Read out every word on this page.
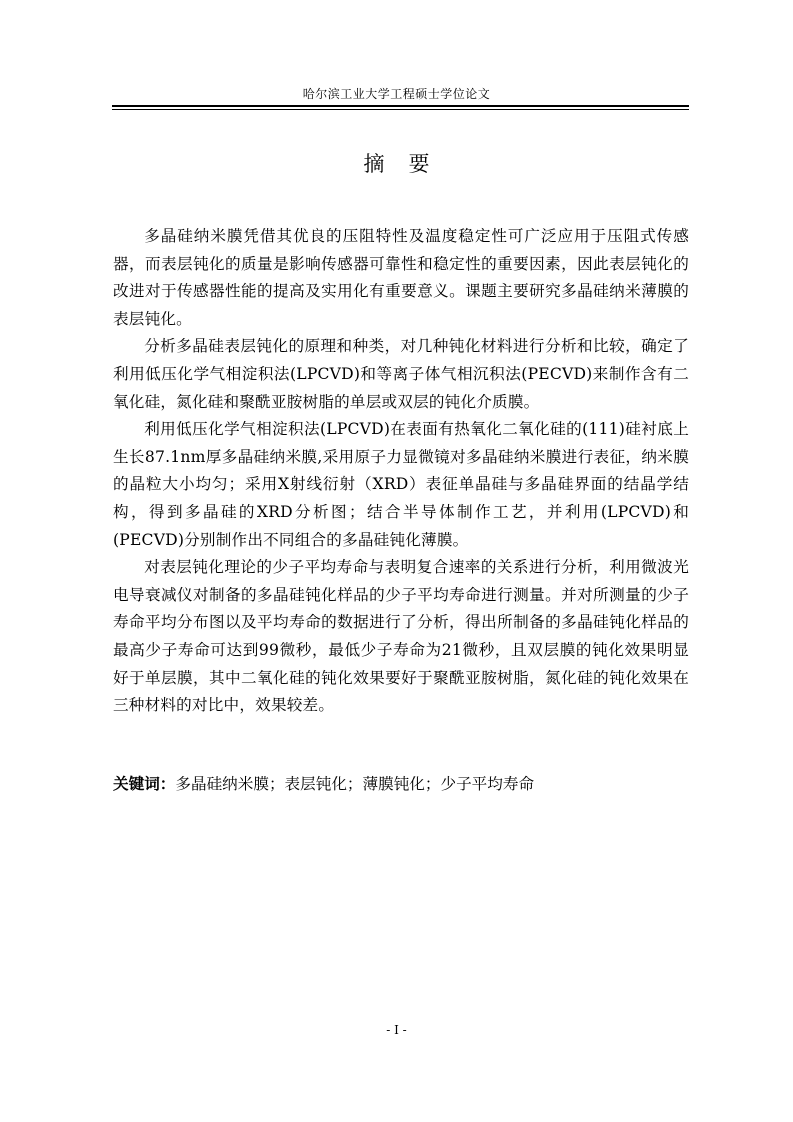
哈尔滨工业大学工程硕士学位论文
摘要

多晶硅纳米膜凭借其优良的压阻特性及温度稳定性可广泛应用于压阻式传感器，而表层钝化的质量是影响传感器可靠性和稳定性的重要因素，因此表层钝化的改进对于传感器性能的提高及实用化有重要意义。课题主要研究多晶硅纳米薄膜的表层钝化。

分析多晶硅表层钝化的原理和种类，对几种钝化材料进行分析和比较，确定了利用低压化学气相淀积法(LPCVD)和等离子体气相沉积法(PECVD)来制作含有二氧化硅，氮化硅和聚酰亚胺树脂的单层或双层的钝化介质膜。

利用低压化学气相淀积法(LPCVD)在表面有热氧化二氧化硅的(111)硅衬底上生长87.1nm厚多晶硅纳米膜,采用原子力显微镜对多晶硅纳米膜进行表征，纳米膜的晶粒大小均匀；采用X射线衍射（XRD）表征单晶硅与多晶硅界面的结晶学结构，得到多晶硅的XRD分析图；结合半导体制作工艺，并利用(LPCVD)和(PECVD)分别制作出不同组合的多晶硅钝化薄膜。

对表层钝化理论的少子平均寿命与表明复合速率的关系进行分析，利用微波光电导衰减仪对制备的多晶硅钝化样品的少子平均寿命进行测量。并对所测量的少子寿命平均分布图以及平均寿命的数据进行了分析，得出所制备的多晶硅钝化样品的最高少子寿命可达到99微秒，最低少子寿命为21微秒，且双层膜的钝化效果明显好于单层膜，其中二氧化硅的钝化效果要好于聚酰亚胺树脂，氮化硅的钝化效果在三种材料的对比中，效果较差。

关键词：多晶硅纳米膜；表层钝化；薄膜钝化；少子平均寿命
- I -
